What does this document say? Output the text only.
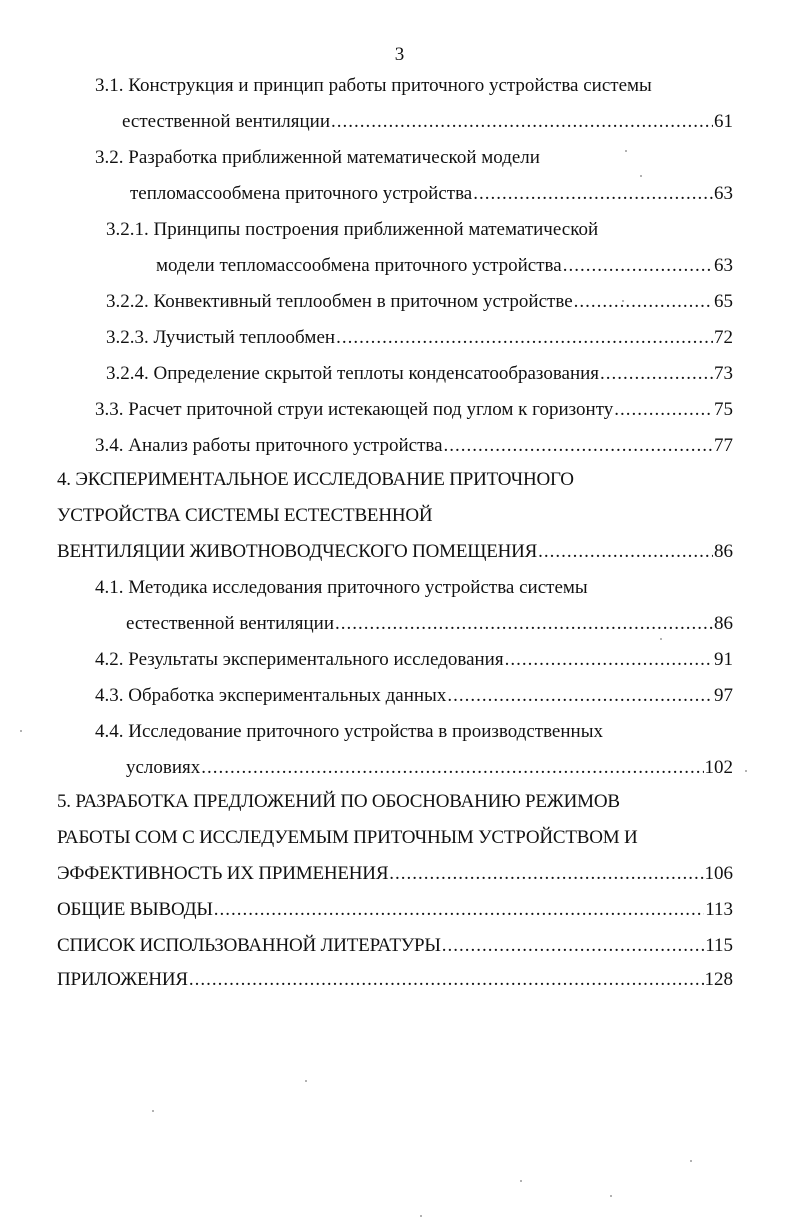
3
3.1. Конструкция и принцип работы приточного устройства системы
естественной вентиляции .....	61
3.2. Разработка приближенной математической модели
тепломассообмена приточного устройства .....	63
3.2.1. Принципы построения приближенной математической
модели тепломассообмена приточного устройства .....	63
3.2.2. Конвективный теплообмен в приточном устройстве .....	65
3.2.3. Лучистый теплообмен .....	72
3.2.4. Определение скрытой теплоты конденсатообразования .....	73
3.3. Расчет приточной струи истекающей под углом к горизонту .....	75
3.4. Анализ работы приточного устройства .....	77
4. ЭКСПЕРИМЕНТАЛЬНОЕ ИССЛЕДОВАНИЕ ПРИТОЧНОГО
УСТРОЙСТВА СИСТЕМЫ ЕСТЕСТВЕННОЙ
ВЕНТИЛЯЦИИ ЖИВОТНОВОДЧЕСКОГО ПОМЕЩЕНИЯ .....	86
4.1. Методика исследования приточного устройства системы
естественной вентиляции .....	86
4.2. Результаты экспериментального исследования .....	91
4.3. Обработка экспериментальных данных .....	97
4.4. Исследование приточного устройства в производственных
условиях .....	102
5. РАЗРАБОТКА ПРЕДЛОЖЕНИЙ ПО ОБОСНОВАНИЮ РЕЖИМОВ
РАБОТЫ СОМ С ИССЛЕДУЕМЫМ ПРИТОЧНЫМ УСТРОЙСТВОМ И
ЭФФЕКТИВНОСТЬ ИХ ПРИМЕНЕНИЯ .....	106
ОБЩИЕ ВЫВОДЫ .....	113
СПИСОК ИСПОЛЬЗОВАННОЙ ЛИТЕРАТУРЫ .....	115
ПРИЛОЖЕНИЯ .....	128
